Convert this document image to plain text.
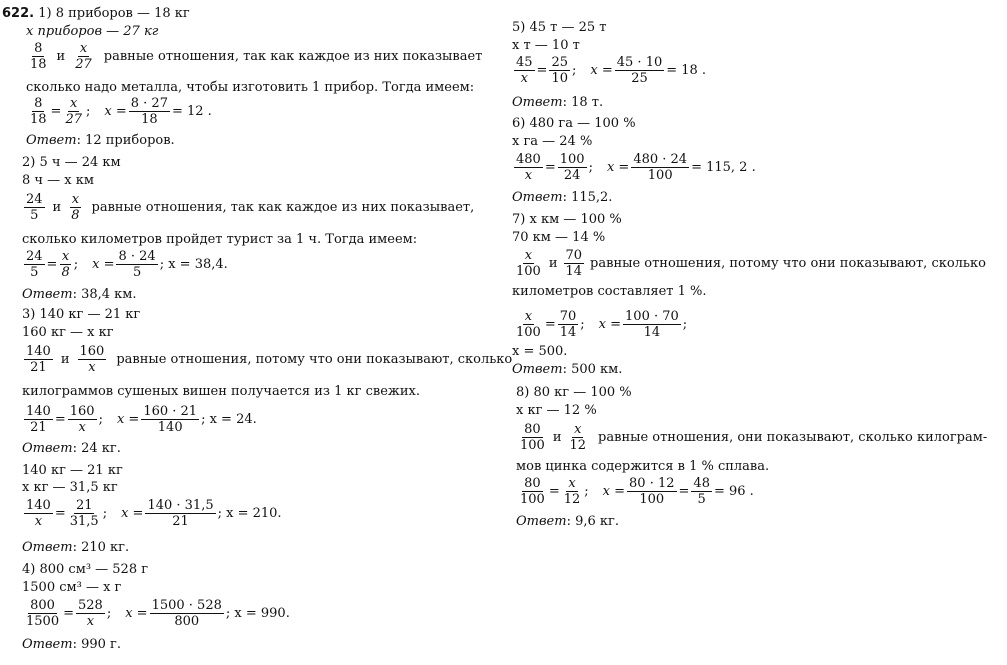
622. 1) 8 приборов — 18 кг
x приборов — 27 кг
$\frac{8}{18}$ и $\frac{x}{27}$ равные отношения, так как каждое из них показывает
сколько надо металла, чтобы изготовить 1 прибор. Тогда имеем:
$\frac{8}{18} = \frac{x}{27}$ ; $x = \frac{8 \cdot 27}{18} = 12$ .
Ответ: 12 приборов.
2) 5 ч — 24 км
8 ч — x км
$\frac{24}{5}$ и $\frac{x}{8}$ равные отношения, так как каждое из них показывает,
сколько километров пройдет турист за 1 ч. Тогда имеем:
$\frac{24}{5} = \frac{x}{8}$ ; $x = \frac{8 \cdot 24}{5}$ ; x = 38,4.
Ответ: 38,4 км.
3) 140 кг — 21 кг
160 кг — x кг
$\frac{140}{21}$ и $\frac{160}{x}$ равные отношения, потому что они показывают, сколько
килограммов сушеных вишен получается из 1 кг свежих.
$\frac{140}{21} = \frac{160}{x}$ ; $x = \frac{160 \cdot 21}{140}$ ; x = 24.
Ответ: 24 кг.
140 кг — 21 кг
x кг — 31,5 кг
$\frac{140}{x} = \frac{21}{31,5}$ ; $x = \frac{140 \cdot 31,5}{21}$ ; x = 210.
Ответ: 210 кг.
4) 800 см³ — 528 г
1500 см³ — x г
$\frac{800}{1500} = \frac{528}{x}$ ; $x = \frac{1500 \cdot 528}{800}$ ; x = 990.
Ответ: 990 г.
5) 45 т — 25 т
x т — 10 т
$\frac{45}{x} = \frac{25}{10}$ ; $x = \frac{45 \cdot 10}{25} = 18$ .
Ответ: 18 т.
6) 480 га — 100 %
x га — 24 %
$\frac{480}{x} = \frac{100}{24}$ ; $x = \frac{480 \cdot 24}{100} = 115$, 2 .
Ответ: 115,2.
7) x км — 100 %
70 км — 14 %
$\frac{x}{100}$ и $\frac{70}{14}$ равные отношения, потому что они показывают, сколько
километров составляет 1 %.
$\frac{x}{100} = \frac{70}{14}$ ; $x = \frac{100 \cdot 70}{14}$ ;
x = 500.
Ответ: 500 км.
8) 80 кг — 100 %
x кг — 12 %
$\frac{80}{100}$ и $\frac{x}{12}$ равные отношения, они показывают, сколько килограм-
мов цинка содержится в 1 % сплава.
$\frac{80}{100} = \frac{x}{12}$ ; $x = \frac{80 \cdot 12}{100} = \frac{48}{5} = 96$ .
Ответ: 9,6 кг.
